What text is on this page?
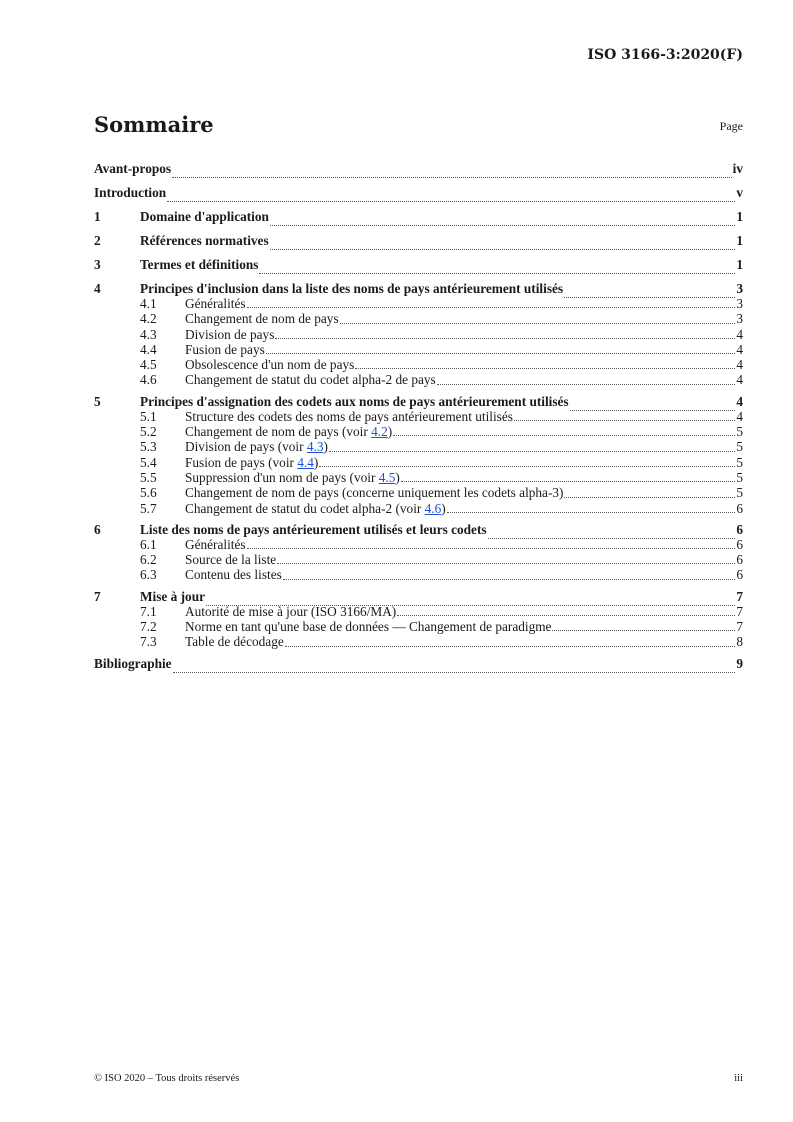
ISO 3166-3:2020(F)
Sommaire	Page
Avant-propos	iv
Introduction	v
1	Domaine d'application	1
2	Références normatives	1
3	Termes et définitions	1
4	Principes d'inclusion dans la liste des noms de pays antérieurement utilisés	3
4.1	Généralités	3
4.2	Changement de nom de pays	3
4.3	Division de pays	4
4.4	Fusion de pays	4
4.5	Obsolescence d'un nom de pays	4
4.6	Changement de statut du codet alpha-2 de pays	4
5	Principes d'assignation des codets aux noms de pays antérieurement utilisés	4
5.1	Structure des codets des noms de pays antérieurement utilisés	4
5.2	Changement de nom de pays (voir 4.2)	5
5.3	Division de pays (voir 4.3)	5
5.4	Fusion de pays (voir 4.4)	5
5.5	Suppression d'un nom de pays (voir 4.5)	5
5.6	Changement de nom de pays (concerne uniquement les codets alpha-3)	5
5.7	Changement de statut du codet alpha-2 (voir 4.6)	6
6	Liste des noms de pays antérieurement utilisés et leurs codets	6
6.1	Généralités	6
6.2	Source de la liste	6
6.3	Contenu des listes	6
7	Mise à jour	7
7.1	Autorité de mise à jour (ISO 3166/MA)	7
7.2	Norme en tant qu'une base de données — Changement de paradigme	7
7.3	Table de décodage	8
Bibliographie	9
© ISO 2020 – Tous droits réservés	iii
